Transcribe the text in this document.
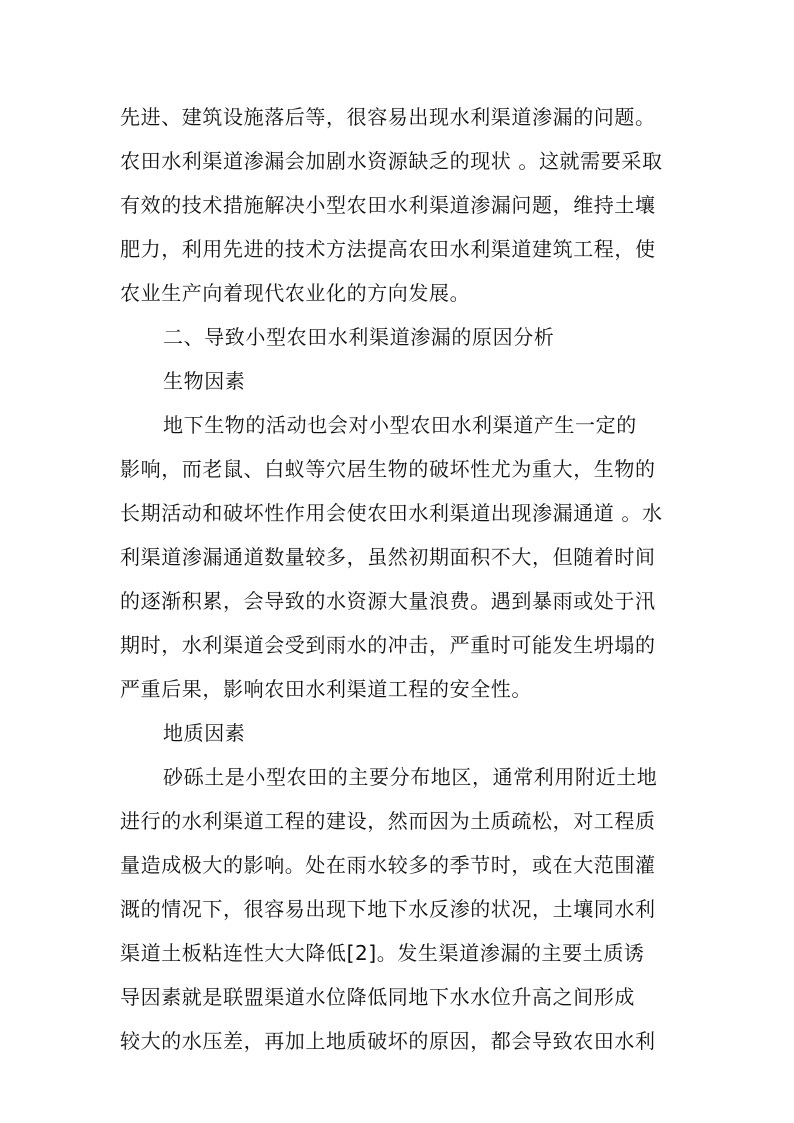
先进、建筑设施落后等，很容易出现水利渠道渗漏的问题。
农田水利渠道渗漏会加剧水资源缺乏的现状 。这就需要采取
有效的技术措施解决小型农田水利渠道渗漏问题，维持土壤
肥力，利用先进的技术方法提高农田水利渠道建筑工程，使
农业生产向着现代农业化的方向发展。
二、导致小型农田水利渠道渗漏的原因分析
生物因素
地下生物的活动也会对小型农田水利渠道产生一定的
影响，而老鼠、白蚁等穴居生物的破坏性尤为重大，生物的
长期活动和破坏性作用会使农田水利渠道出现渗漏通道 。水
利渠道渗漏通道数量较多，虽然初期面积不大，但随着时间
的逐渐积累，会导致的水资源大量浪费。遇到暴雨或处于汛
期时，水利渠道会受到雨水的冲击，严重时可能发生坍塌的
严重后果，影响农田水利渠道工程的安全性。
地质因素
砂砾土是小型农田的主要分布地区，通常利用附近土地
进行的水利渠道工程的建设，然而因为土质疏松，对工程质
量造成极大的影响。处在雨水较多的季节时，或在大范围灌
溉的情况下，很容易出现下地下水反渗的状况，土壤同水利
渠道土板粘连性大大降低[2]。发生渠道渗漏的主要土质诱
导因素就是联盟渠道水位降低同地下水水位升高之间形成
较大的水压差，再加上地质破坏的原因，都会导致农田水利
